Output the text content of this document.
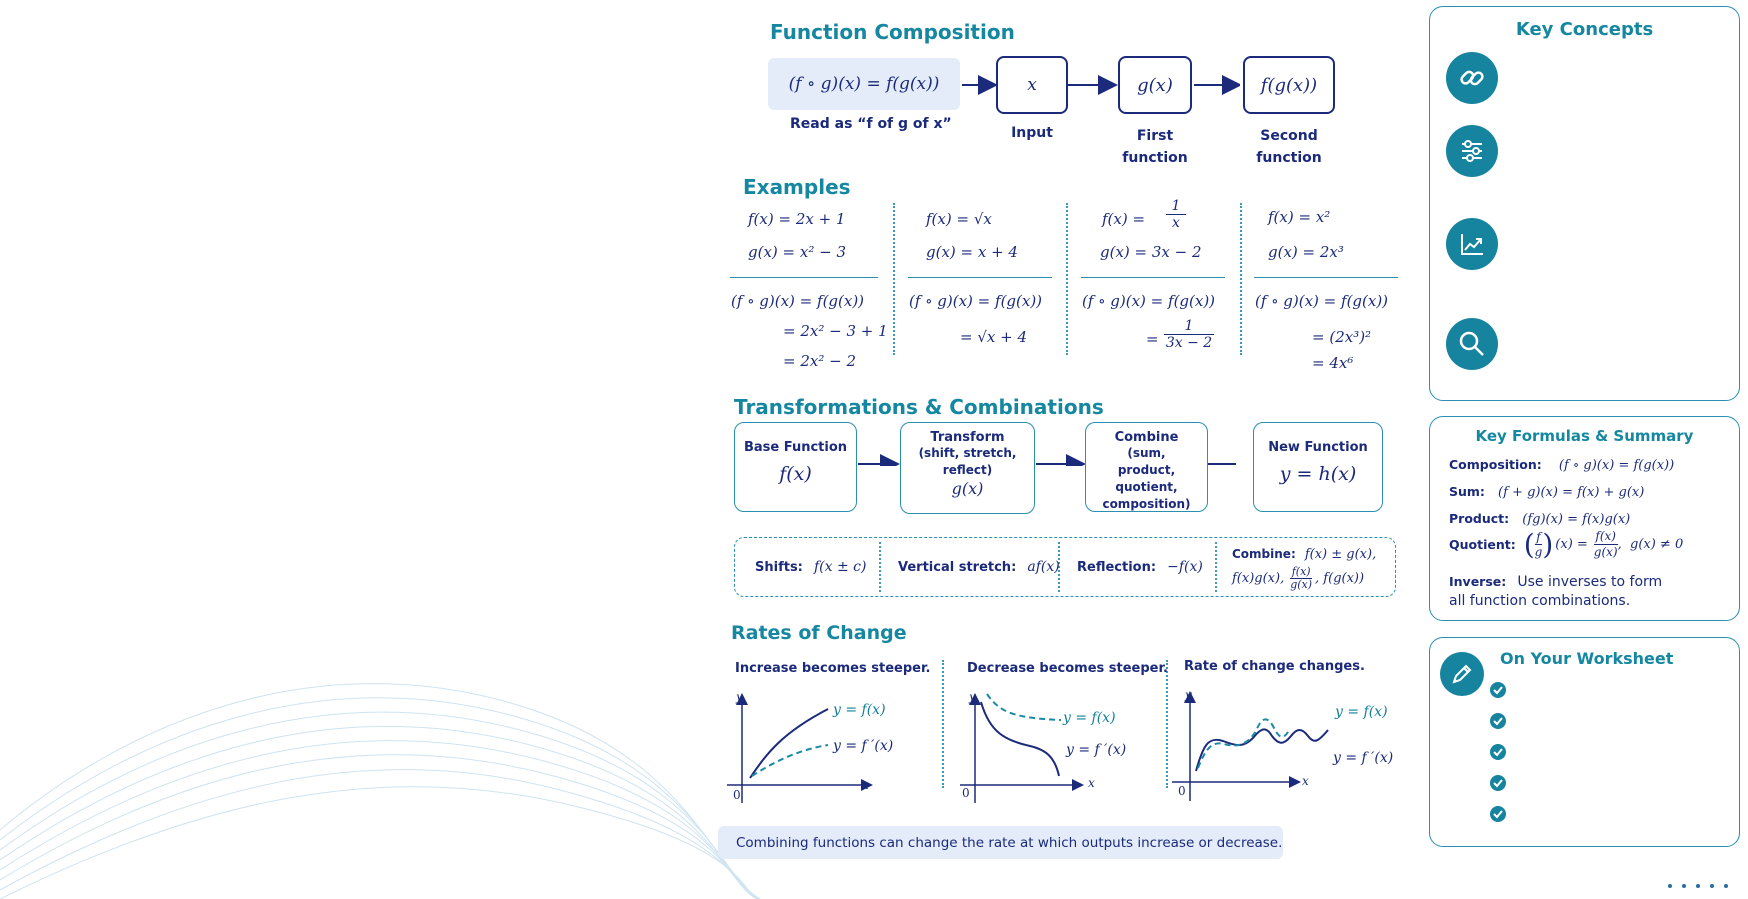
Function Composition
(f ∘ g)(x) = f(g(x))
Read as “f of g of x”
x	g(x)	f(g(x))
Input	First
function
Second
function
Examples
f(x) = 2x + 1
g(x) = x² − 3
(f ∘ g)(x) = f(g(x))
= 2x² − 3 + 1
= 2x² − 2
f(x) = √x
g(x) = x + 4
(f ∘ g)(x) = f(g(x))
= √x + 4
$f(x) = \frac{1}{x}$
g(x) = 3x − 2
(f ∘ g)(x) = f(g(x))
= $\frac{1}{3x - 2}$
f(x) = x²
g(x) = 2x³
(f ∘ g)(x) = f(g(x))
= (2x³)²
= 4x⁶
Transformations & Combinations
Base Function
f(x)
Transform
(shift, stretch, reflect)
g(x)
Combine
(sum, product, quotient, composition)
New Function
y = h(x)
Shifts: f(x ± c) Vertical stretch: af(x) Reflection: −f(x)
Combine: f(x) ± g(x),
f(x)g(x), $\frac{f(x)}{g(x)}$ , f(g(x))
Rates of Change
Increase becomes steeper.	Decrease becomes steeper. Rate of change changes.
y
x
0
y = f(x)
y = f ′(x)
y
x
0
y = f(x)
y = f ′(x)
y
x
0
y = f(x)
y = f ′(x)
Combining functions can change the rate at which outputs increase or decrease.
Key Concepts
Key Formulas & Summary
Composition: (f ∘ g)(x) = f(g(x))
Sum: (f + g)(x) = f(x) + g(x)
Product: (fg)(x) = f(x)g(x)
Quotient: ( $\frac{f}{g}$ ) $(x) = \frac{f(x)}{g(x)}$ ,  g(x) ≠ 0
Inverse: Use inverses to form
all function combinations.
On Your Worksheet
